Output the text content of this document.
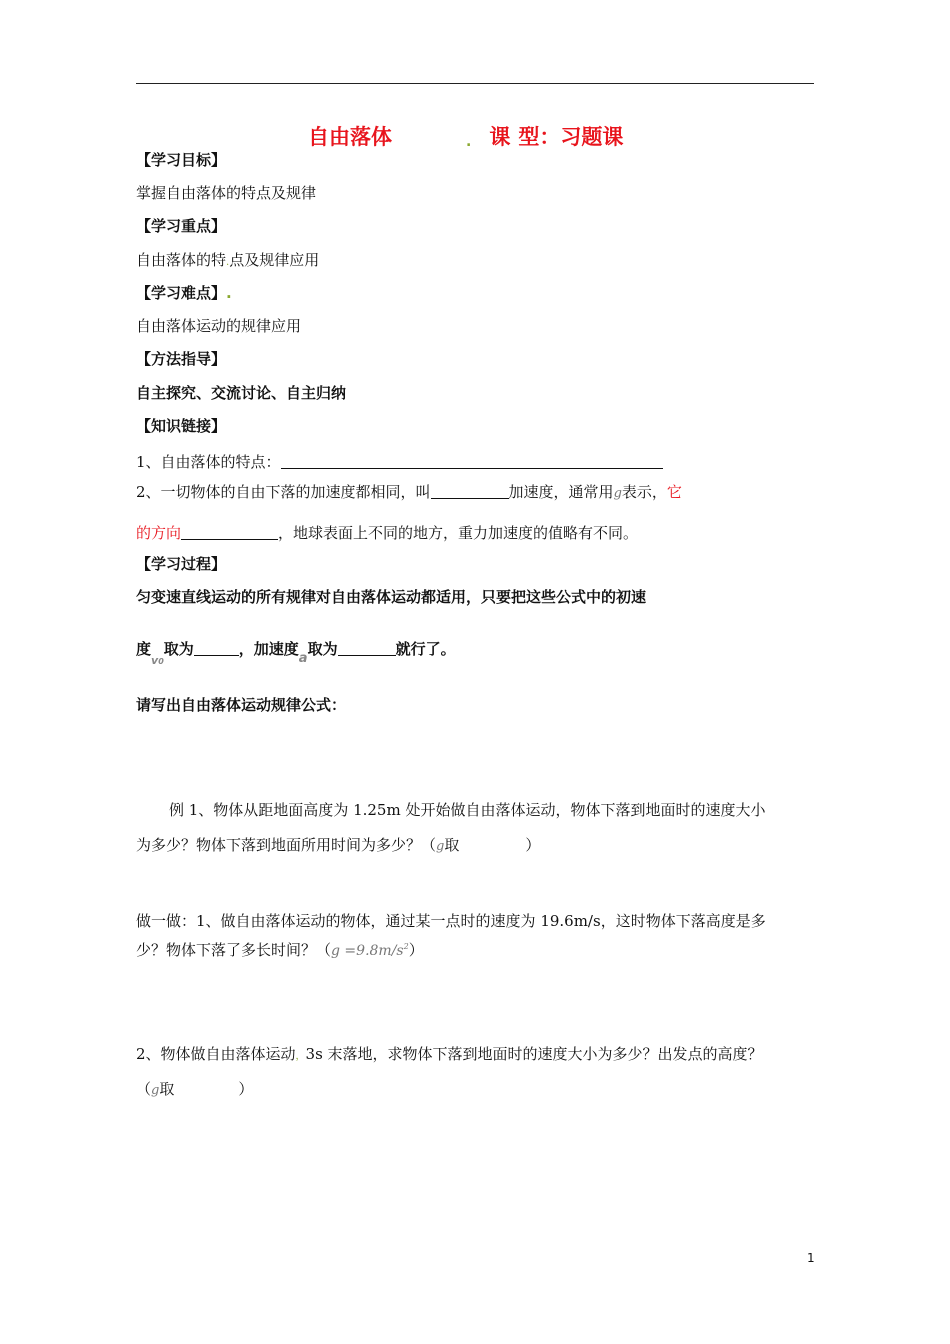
自由落体	. 课 型：习题课
【学习目标】
掌握自由落体的特点及规律
【学习重点】
自由落体的特.点及规律应用
【学习难点】.
自由落体运动的规律应用
【方法指导】
自主探究、交流讨论、自主归纳
【知识链接】
1、自由落体的特点：
2、一切物体的自由下落的加速度都相同，叫	加速度，通常用g表示，它
的方向	，地球表面上不同的地方，重力加速度的值略有不同。
【学习过程】
匀变速直线运动的所有规律对自由落体运动都适用，只要把这些公式中的初速
度$_{v0}$取为	，加速度a取为	就行了。
请写出自由落体运动规律公式：
例 1、物体从距地面高度为 1.25m 处开始做自由落体运动，物体下落到地面时的速度大小
为多少？物体下落到地面所用时间为多少？（g取	）
做一做：1、做自由落体运动的物体，通过某一点时的速度为 19.6m/s，这时物体下落高度是多
少？物体下落了多长时间？$(g =9.8m/s^2)$
2、物体做自由落体运动，3s 末落地，求物体下落到地面时的速度大小为多少？出发点的高度？
（g取	）
1
